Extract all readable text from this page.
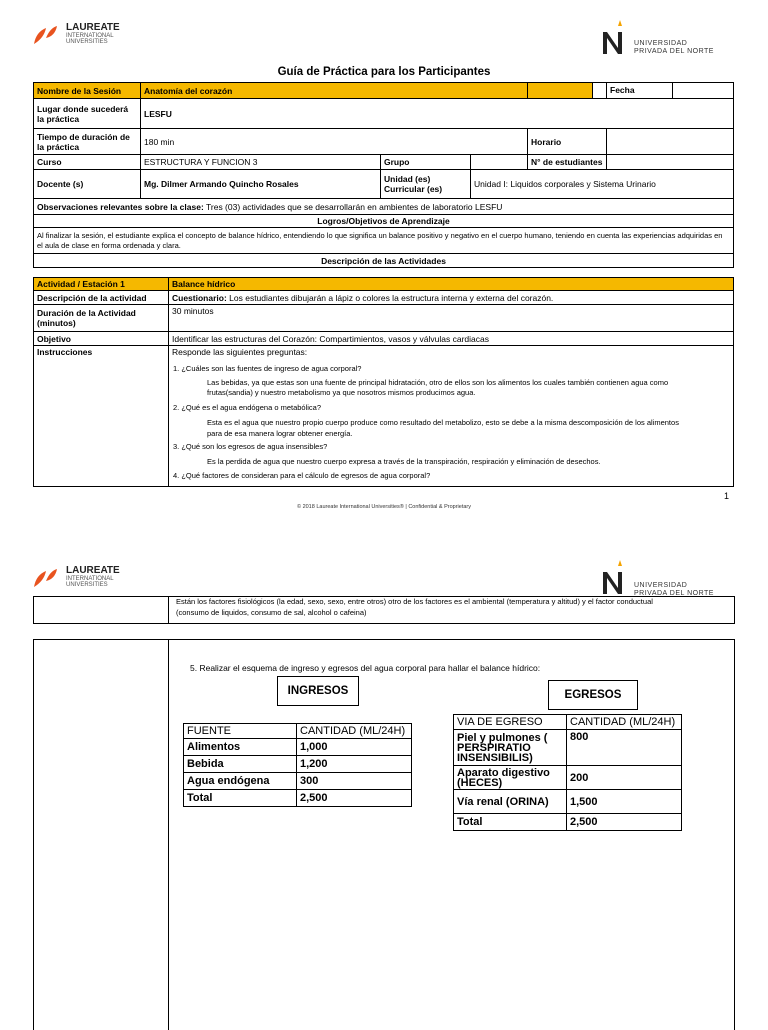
LAUREATE
INTERNATIONAL
UNIVERSITIES	UNIVERSIDAD
PRIVADA DEL NORTE
Guía de Práctica para los Participantes
Nombre de la Sesión	Anatomía del corazón					Fecha

Lugar donde sucederá la práctica	LESFU					
Tiempo de duración de la práctica	180 min			Horario		
Curso	ESTRUCTURA Y FUNCION 3	Grupo		N° de estudiantes		
Docente (s)	Mg. Dilmer Armando Quincho Rosales	Unidad (es) Curricular (es)	Unidad I: Liquidos corporales y Sistema Urinario			
Observaciones relevantes sobre la clase: Tres (03) actividades que se desarrollarán en ambientes de laboratorio LESFU						
Logros/Objetivos de Aprendizaje						
Al finalizar la sesión, el estudiante explica el concepto de balance hídrico, entendiendo lo que significa un balance positivo y negativo en el cuerpo humano, teniendo en cuenta las experiencias adquiridas en el aula de clase en forma ordenada y clara.						
Descripción de las Actividades						
Actividad / Estación 1	Balance hídrico
Descripción de la actividad	Cuestionario: Los estudiantes dibujarán a lápiz o colores la estructura interna y externa del corazón.
Duración de la Actividad (minutos)	30 minutos
Objetivo	Identificar las estructuras del Corazón: Compartimientos, vasos y válvulas cardiacas
Instrucciones	Responde las siguientes preguntas:
1. ¿Cuáles son las fuentes de ingreso de agua corporal?
Las bebidas, ya que estas son una fuente de principal hidratación, otro de ellos son los alimentos los cuales también contienen agua como
frutas(sandia) y nuestro metabolismo ya que nosotros mismos producimos agua.
2. ¿Qué es el agua endógena o metabólica?
Esta es el agua que nuestro propio cuerpo produce como resultado del metabolizo, esto se debe a la misma descomposición de los alimentos
para de esa manera lograr obtener energía.
3. ¿Qué son los egresos de agua insensibles?
Es la perdida de agua que nuestro cuerpo expresa a través de la transpiración, respiración y eliminación de desechos.
4. ¿Qué factores de consideran para el cálculo de egresos de agua corporal?
1
© 2018 Laureate International Universities® | Confidential & Proprietary
LAUREATE
INTERNATIONAL
UNIVERSITIES	UNIVERSIDAD
PRIVADA DEL NORTE
Están los factores fisiológicos (la edad, sexo, sexo, entre otros) otro de los factores es el ambiental (temperatura y altitud) y el factor conductual
(consumo de liquidos, consumo de sal, alcohol o cafeina)
5. Realizar el esquema de ingreso y egresos del agua corporal para hallar el balance hídrico:
INGRESOS	EGRESOS
FUENTE	CANTIDAD (ML/24H)
Alimentos	1,000
Bebida	1,200
Agua endógena	300
Total	2,500
VIA DE EGRESO	CANTIDAD (ML/24H)
Piel y pulmones ( PERSPIRATIO INSENSIBILIS)	800
Aparato digestivo (HECES)	200
Vía renal (ORINA)	1,500
Total	2,500
